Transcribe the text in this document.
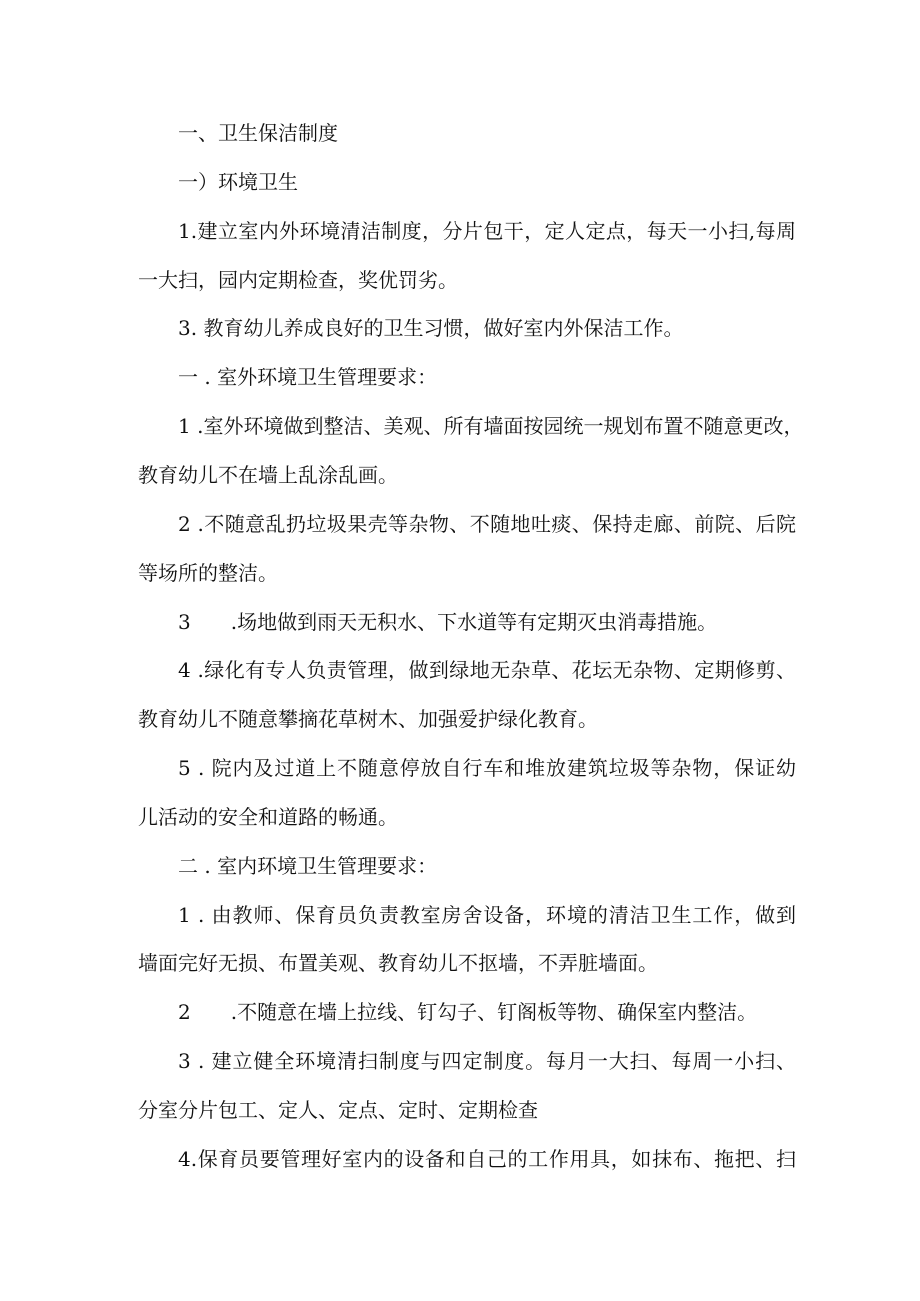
一、卫生保洁制度
一）环境卫生
1.建立室内外环境清洁制度，分片包干，定人定点，每天一小扫,每周
一大扫，园内定期检查，奖优罚劣。
3. 教育幼儿养成良好的卫生习惯，做好室内外保洁工作。
一 . 室外环境卫生管理要求：
1 .室外环境做到整洁、美观、所有墙面按园统一规划布置不随意更改，
教育幼儿不在墙上乱涂乱画。
2 .不随意乱扔垃圾果壳等杂物、不随地吐痰、保持走廊、前院、后院
等场所的整洁。
3　　.场地做到雨天无积水、下水道等有定期灭虫消毒措施。
4 .绿化有专人负责管理，做到绿地无杂草、花坛无杂物、定期修剪、
教育幼儿不随意攀摘花草树木、加强爱护绿化教育。
5 . 院内及过道上不随意停放自行车和堆放建筑垃圾等杂物，保证幼
儿活动的安全和道路的畅通。
二 . 室内环境卫生管理要求：
1 . 由教师、保育员负责教室房舍设备，环境的清洁卫生工作，做到
墙面完好无损、布置美观、教育幼儿不抠墙，不弄脏墙面。
2　　.不随意在墙上拉线、钉勾子、钉阁板等物、确保室内整洁。
3 . 建立健全环境清扫制度与四定制度。每月一大扫、每周一小扫、
分室分片包工、定人、定点、定时、定期检查
4.保育员要管理好室内的设备和自己的工作用具，如抹布、拖把、扫
